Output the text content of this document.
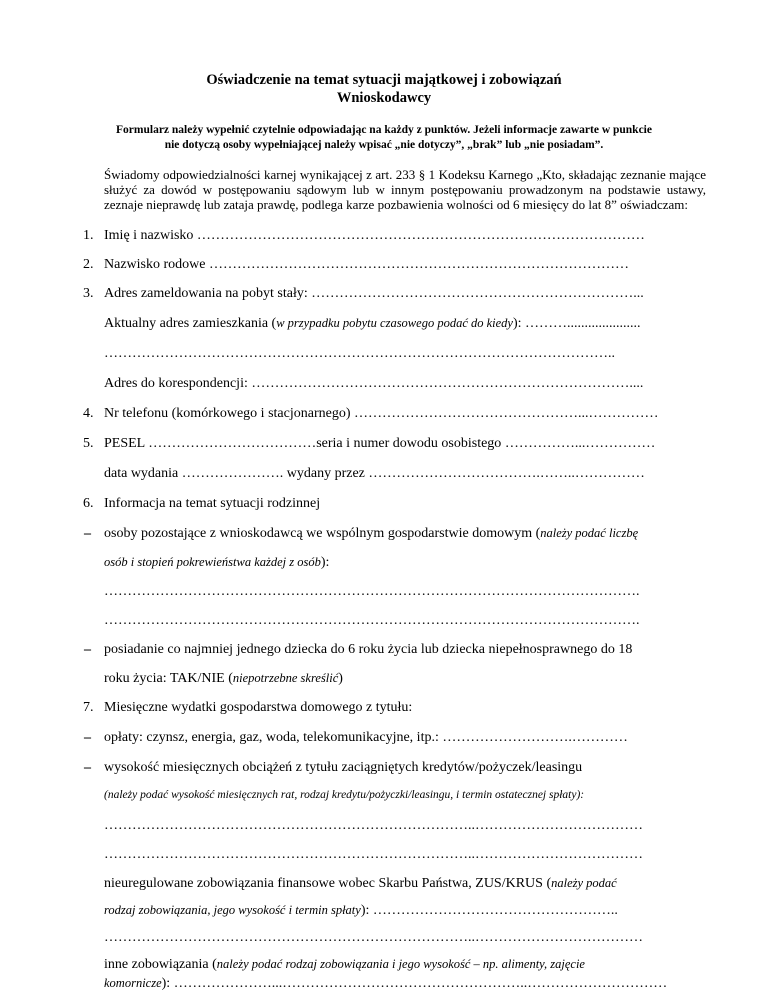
Oświadczenie na temat sytuacji majątkowej i zobowiązań
Wnioskodawcy
Formularz należy wypełnić czytelnie odpowiadając na każdy z punktów. Jeżeli informacje zawarte w punkcie
nie dotyczą osoby wypełniającej należy wpisać „nie dotyczy”, „brak” lub „nie posiadam”.
Świadomy odpowiedzialności karnej wynikającej z art. 233 § 1 Kodeksu Karnego „Kto, składając zeznanie mające służyć za dowód w postępowaniu sądowym lub w innym postępowaniu prowadzonym na podstawie ustawy, zeznaje nieprawdę lub zataja prawdę, podlega karze pozbawienia wolności od 6 miesięcy do lat 8” oświadczam:
1. Imię i nazwisko ……………………………………………………………………………………
2. Nazwisko rodowe ………………………………………………………………………………
3. Adres zameldowania na pobyt stały: ……………………………………………………………...
Aktualny adres zamieszkania (w przypadku pobytu czasowego podać do kiedy): ……….....................
………………………………………………………………………………………………..
Adres do korespondencji: ………………………………………………………………………....
4. Nr telefonu (komórkowego i stacjonarnego) …………………………………………...……………
5. PESEL ………………………………seria i numer dowodu osobistego ……………...……………
data wydania …………………. wydany przez ……………………………….……..……………
6. Informacja na temat sytuacji rodzinnej
– osoby pozostające z wnioskodawcą we wspólnym gospodarstwie domowym (należy podać liczbę
osób i stopień pokrewieństwa każdej z osób):
…………………………………………………………………………………………………….
…………………………………………………………………………………………………….
– posiadanie co najmniej jednego dziecka do 6 roku życia lub dziecka niepełnosprawnego do 18
roku życia: TAK/NIE (niepotrzebne skreślić)
7. Miesięczne wydatki gospodarstwa domowego z tytułu:
– opłaty: czynsz, energia, gaz, woda, telekomunikacyjne, itp.: ……………………….…………
– wysokość miesięcznych obciążeń z tytułu zaciągniętych kredytów/pożyczek/leasingu
(należy podać wysokość miesięcznych rat, rodzaj kredytu/pożyczki/leasingu, i termin ostatecznej spłaty):
……………………………………………………………………..………………………………
……………………………………………………………………..………………………………
nieuregulowane zobowiązania finansowe wobec Skarbu Państwa, ZUS/KRUS (należy podać
rodzaj zobowiązania, jego wysokość i termin spłaty): ……………………………………………..
……………………………………………………………………..………………………………
inne zobowiązania (należy podać rodzaj zobowiązania i jego wysokość – np. alimenty, zajęcie
komornicze): …………………...……………………………………………..…………………………
